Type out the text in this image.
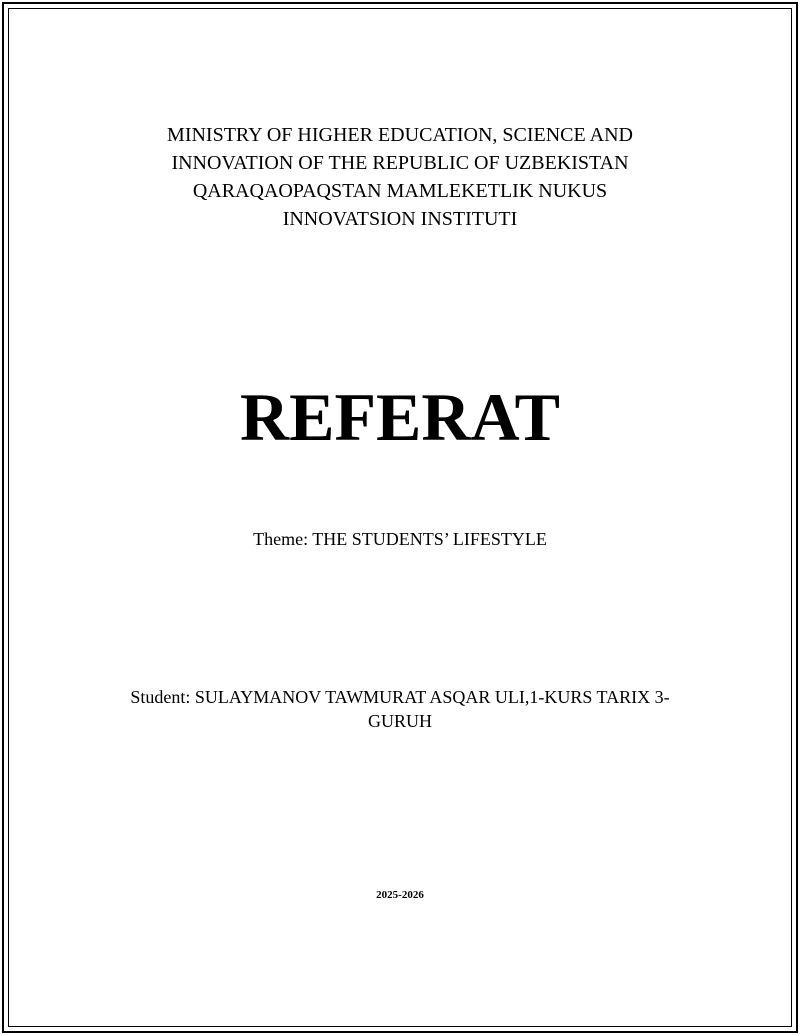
MINISTRY OF HIGHER EDUCATION, SCIENCE AND
INNOVATION OF THE REPUBLIC OF UZBEKISTAN
QARAQAOPAQSTAN MAMLEKETLIK NUKUS
INNOVATSION INSTITUTI
REFERAT
Theme: THE STUDENTS’ LIFESTYLE
Student: SULAYMANOV TAWMURAT ASQAR ULI,1-KURS TARIX 3-
GURUH
2025-2026
